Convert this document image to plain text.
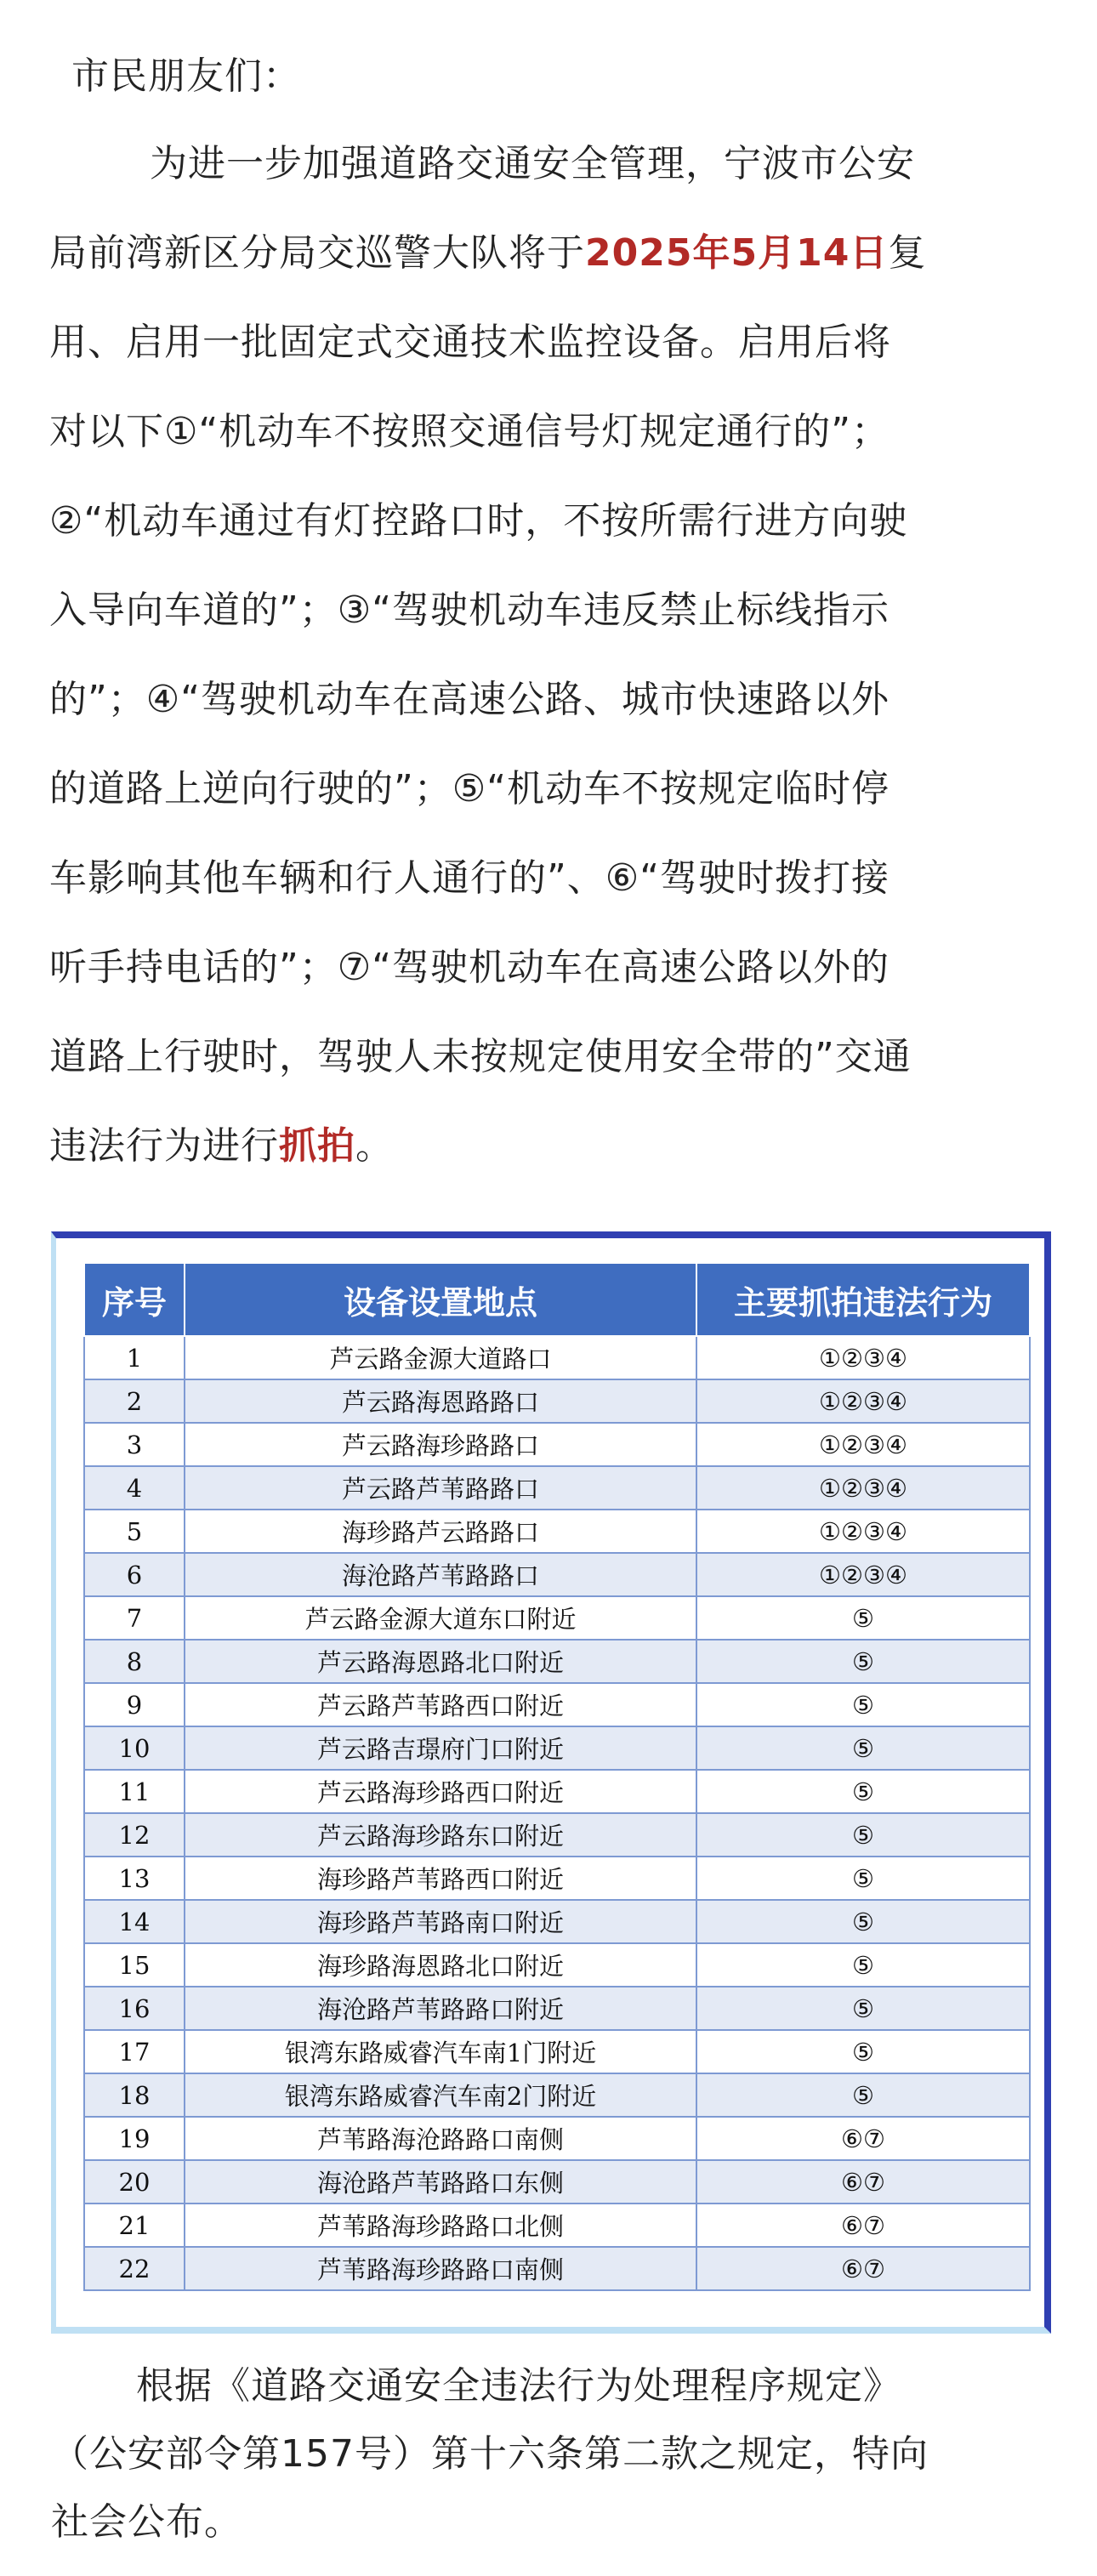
市民朋友们：
为进一步加强道路交通安全管理，宁波市公安
局前湾新区分局交巡警大队将于2025年5月14日复
用、启用一批固定式交通技术监控设备。启用后将
对以下①“机动车不按照交通信号灯规定通行的”；
②“机动车通过有灯控路口时，不按所需行进方向驶
入导向车道的”；③“驾驶机动车违反禁止标线指示
的”；④“驾驶机动车在高速公路、城市快速路以外
的道路上逆向行驶的”；⑤“机动车不按规定临时停
车影响其他车辆和行人通行的”、⑥“驾驶时拨打接
听手持电话的”；⑦“驾驶机动车在高速公路以外的
道路上行驶时，驾驶人未按规定使用安全带的”交通
违法行为进行抓拍。
序号	设备设置地点	主要抓拍违法行为
1	芦云路金源大道路口	①②③④
2	芦云路海恩路路口	①②③④
3	芦云路海珍路路口	①②③④
4	芦云路芦苇路路口	①②③④
5	海珍路芦云路路口	①②③④
6	海沧路芦苇路路口	①②③④
7	芦云路金源大道东口附近	⑤
8	芦云路海恩路北口附近	⑤
9	芦云路芦苇路西口附近	⑤
10	芦云路吉璟府门口附近	⑤
11	芦云路海珍路西口附近	⑤
12	芦云路海珍路东口附近	⑤
13	海珍路芦苇路西口附近	⑤
14	海珍路芦苇路南口附近	⑤
15	海珍路海恩路北口附近	⑤
16	海沧路芦苇路路口附近	⑤
17	银湾东路威睿汽车南1门附近	⑤
18	银湾东路威睿汽车南2门附近	⑤
19	芦苇路海沧路路口南侧	⑥⑦
20	海沧路芦苇路路口东侧	⑥⑦
21	芦苇路海珍路路口北侧	⑥⑦
22	芦苇路海珍路路口南侧	⑥⑦
根据《道路交通安全违法行为处理程序规定》
（公安部令第157号）第十六条第二款之规定，特向
社会公布。
